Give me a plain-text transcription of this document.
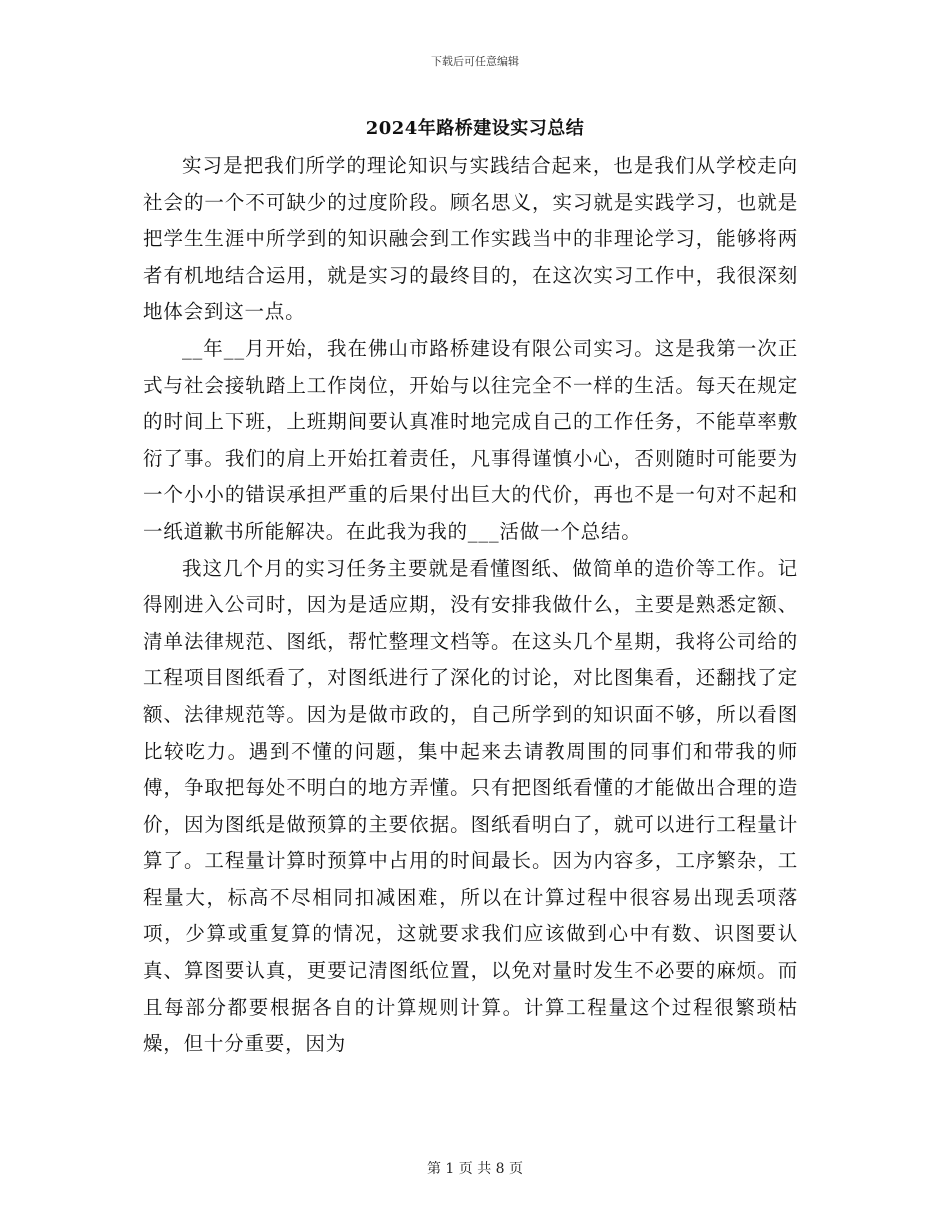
下载后可任意编辑
2024年路桥建设实习总结

实习是把我们所学的理论知识与实践结合起来，也是我们从学校走向社会的一个不可缺少的过度阶段。顾名思义，实习就是实践学习，也就是把学生生涯中所学到的知识融会到工作实践当中的非理论学习，能够将两者有机地结合运用，就是实习的最终目的，在这次实习工作中，我很深刻地体会到这一点。

__年__月开始，我在佛山市路桥建设有限公司实习。这是我第一次正式与社会接轨踏上工作岗位，开始与以往完全不一样的生活。每天在规定的时间上下班，上班期间要认真准时地完成自己的工作任务，不能草率敷衍了事。我们的肩上开始扛着责任，凡事得谨慎小心，否则随时可能要为一个小小的错误承担严重的后果付出巨大的代价，再也不是一句对不起和一纸道歉书所能解决。在此我为我的___活做一个总结。

我这几个月的实习任务主要就是看懂图纸、做简单的造价等工作。记得刚进入公司时，因为是适应期，没有安排我做什么，主要是熟悉定额、清单法律规范、图纸，帮忙整理文档等。在这头几个星期，我将公司给的工程项目图纸看了，对图纸进行了深化的讨论，对比图集看，还翻找了定额、法律规范等。因为是做市政的，自己所学到的知识面不够，所以看图比较吃力。遇到不懂的问题，集中起来去请教周围的同事们和带我的师傅，争取把每处不明白的地方弄懂。只有把图纸看懂的才能做出合理的造价，因为图纸是做预算的主要依据。图纸看明白了，就可以进行工程量计算了。工程量计算时预算中占用的时间最长。因为内容多，工序繁杂，工程量大，标高不尽相同扣减困难，所以在计算过程中很容易出现丢项落项，少算或重复算的情况，这就要求我们应该做到心中有数、识图要认真、算图要认真，更要记清图纸位置，以免对量时发生不必要的麻烦。而且每部分都要根据各自的计算规则计算。计算工程量这个过程很繁琐枯燥，但十分重要，因为

第 1 页 共 8 页
